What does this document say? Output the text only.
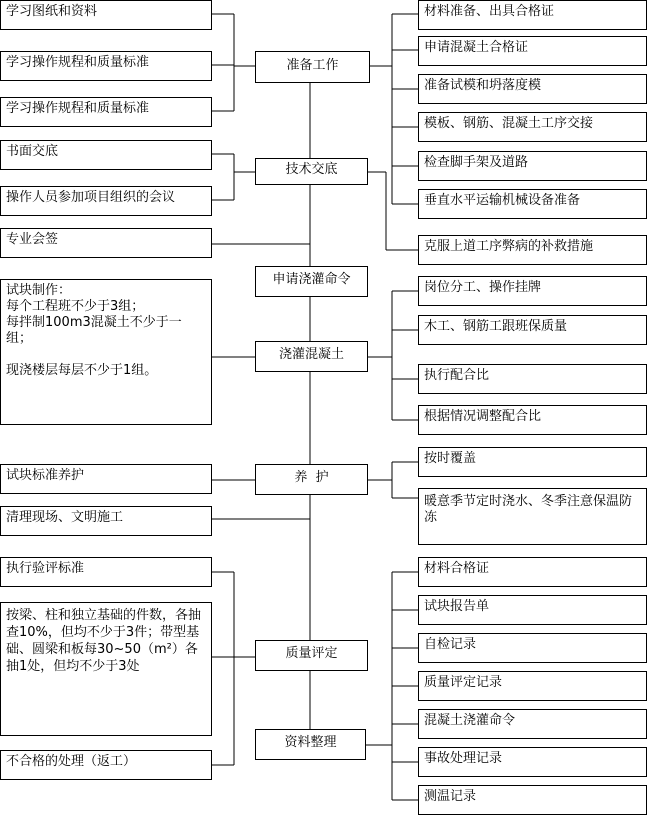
准备工作
技术交底
申请浇灌命令
浇灌混凝土
养  护
质量评定
资料整理
学习图纸和资料
学习操作规程和质量标准
学习操作规程和质量标准
书面交底
操作人员参加项目组织的会议
专业会签
试块制作：
每个工程班不少于3组；
每拌制100m3混凝土不少于一组；
现浇楼层每层不少于1组。
试块标准养护
清理现场、文明施工
执行验评标准
按梁、柱和独立基础的件数，各抽查10%，但均不少于3件；带型基础、圆梁和板每30~50（m²）各抽1处，但均不少于3处
不合格的处理（返工）
材料准备、出具合格证
申请混凝土合格证
准备试模和坍落度模
模板、钢筋、混凝土工序交接
检查脚手架及道路
垂直水平运输机械设备准备
克服上道工序弊病的补救措施
岗位分工、操作挂牌
木工、钢筋工跟班保质量
执行配合比
根据情况调整配合比
按时覆盖
暖意季节定时浇水、冬季注意保温防冻
材料合格证
试块报告单
自检记录
质量评定记录
混凝土浇灌命令
事故处理记录
测温记录
